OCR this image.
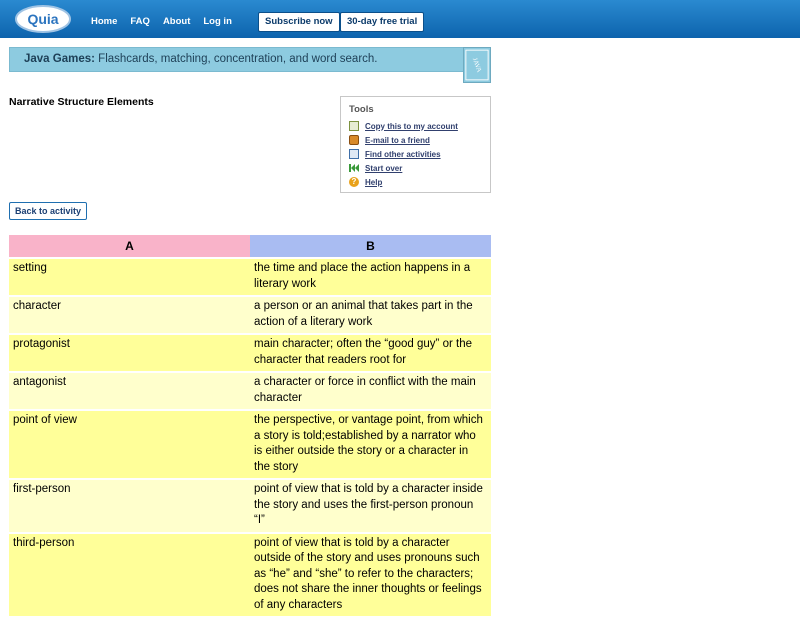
Quia	Home FAQ About Log in	Subscribe now	30-day free trial
Java Games: Flashcards, matching, concentration, and word search.	JAVA
Narrative Structure Elements
Tools
Copy this to my account
E-mail to a friend
Find other activities
Start over
?	Help
Back to activity
A	B
setting	the time and place the action happens in a literary work
character	a person or an animal that takes part in the action of a literary work
protagonist	main character; often the “good guy” or the character that readers root for
antagonist	a character or force in conflict with the main character
point of view	the perspective, or vantage point, from which a story is told;established by a narrator who is either outside the story or a character in the story
first-person	point of view that is told by a character inside the story and uses the first-person pronoun “I”
third-person	point of view that is told by a character outside of the story and uses pronouns such as “he” and “she” to refer to the characters; does not share the inner thoughts or feelings of any characters
